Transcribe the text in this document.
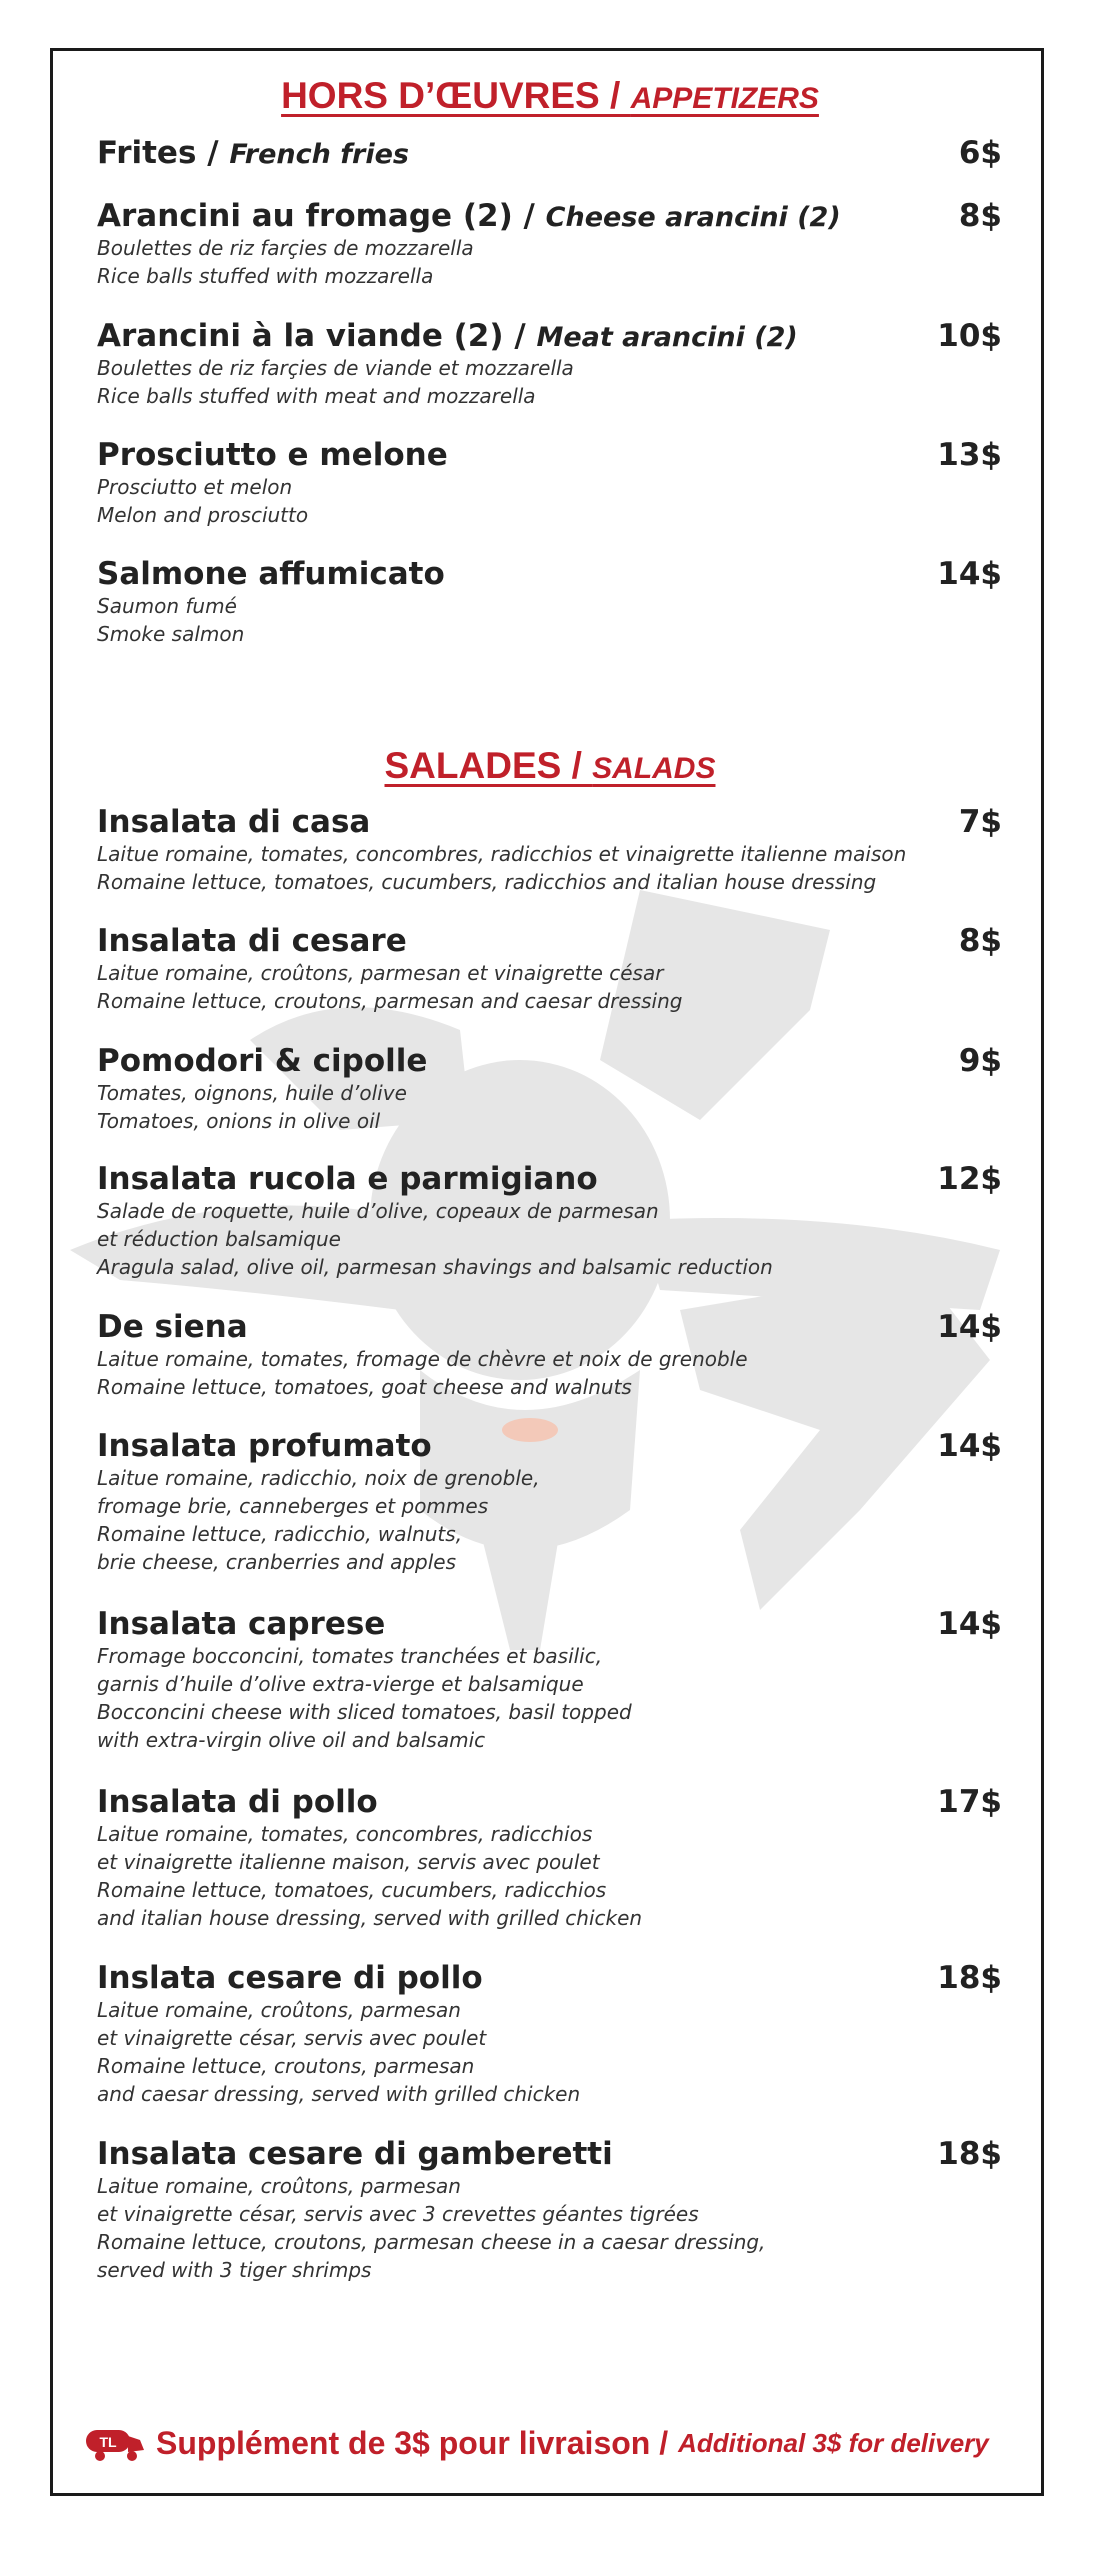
HORS D’ŒUVRES / APPETIZERS
Frites / French fries	6$
Arancini au fromage (2) / Cheese arancini (2)	8$
Boulettes de riz farçies de mozzarella
Rice balls stuffed with mozzarella
Arancini à la viande (2) / Meat arancini (2)	10$
Boulettes de riz farçies de viande et mozzarella
Rice balls stuffed with meat and mozzarella
Prosciutto e melone	13$
Prosciutto et melon
Melon and prosciutto
Salmone affumicato	14$
Saumon fumé
Smoke salmon
SALADES / SALADS
Insalata di casa	7$
Laitue romaine, tomates, concombres, radicchios et vinaigrette italienne maison
Romaine lettuce, tomatoes, cucumbers, radicchios and italian house dressing
Insalata di cesare	8$
Laitue romaine, croûtons, parmesan et vinaigrette césar
Romaine lettuce, croutons, parmesan and caesar dressing
Pomodori & cipolle	9$
Tomates, oignons, huile d’olive
Tomatoes, onions in olive oil
Insalata rucola e parmigiano	12$
Salade de roquette, huile d’olive, copeaux de parmesan
et réduction balsamique
Aragula salad, olive oil, parmesan shavings and balsamic reduction
De siena	14$
Laitue romaine, tomates, fromage de chèvre et noix de grenoble
Romaine lettuce, tomatoes, goat cheese and walnuts
Insalata profumato	14$
Laitue romaine, radicchio, noix de grenoble,
fromage brie, canneberges et pommes
Romaine lettuce, radicchio, walnuts,
brie cheese, cranberries and apples
Insalata caprese	14$
Fromage bocconcini, tomates tranchées et basilic,
garnis d’huile d’olive extra-vierge et balsamique
Bocconcini cheese with sliced tomatoes, basil topped
with extra-virgin olive oil and balsamic
Insalata di pollo	17$
Laitue romaine, tomates, concombres, radicchios
et vinaigrette italienne maison, servis avec poulet
Romaine lettuce, tomatoes, cucumbers, radicchios
and italian house dressing, served with grilled chicken
Inslata cesare di pollo	18$
Laitue romaine, croûtons, parmesan
et vinaigrette césar, servis avec poulet
Romaine lettuce, croutons, parmesan
and caesar dressing, served with grilled chicken
Insalata cesare di gamberetti	18$
Laitue romaine, croûtons, parmesan
et vinaigrette césar, servis avec 3 crevettes géantes tigrées
Romaine lettuce, croutons, parmesan cheese in a caesar dressing,
served with 3 tiger shrimps
TL Supplément de 3$ pour livraison / Additional 3$ for delivery
